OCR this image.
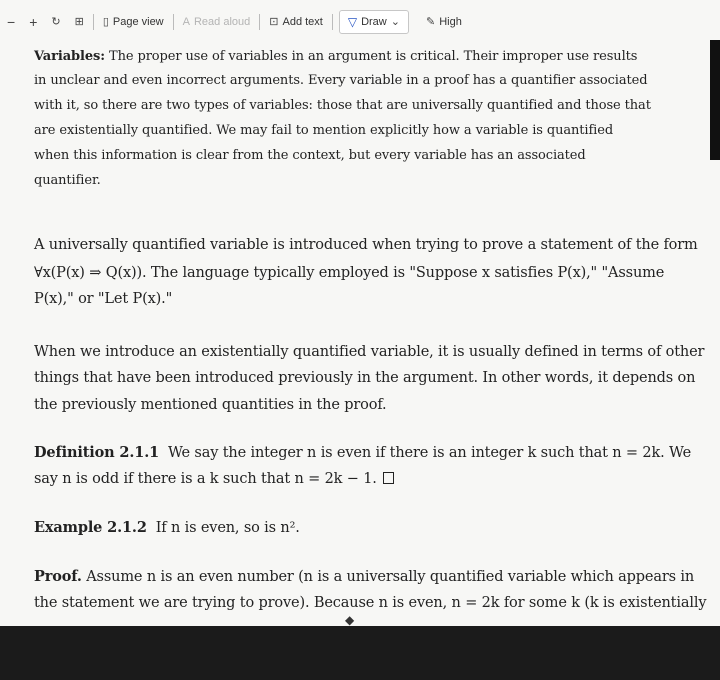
− + ↻ ⊞ ▯ Page view A Read aloud ⊡ Add text ▽ Draw ⌄ ✎ High
Variables: The proper use of variables in an argument is critical. Their improper use results
in unclear and even incorrect arguments. Every variable in a proof has a quantifier associated
with it, so there are two types of variables: those that are universally quantified and those that
are existentially quantified. We may fail to mention explicitly how a variable is quantified
when this information is clear from the context, but every variable has an associated
quantifier.
A universally quantified variable is introduced when trying to prove a statement of the form
∀x(P(x) ⇒ Q(x)). The language typically employed is "Suppose x satisfies P(x)," "Assume
P(x)," or "Let P(x)."
When we introduce an existentially quantified variable, it is usually defined in terms of other
things that have been introduced previously in the argument. In other words, it depends on
the previously mentioned quantities in the proof.
Definition 2.1.1 We say the integer n is even if there is an integer k such that n = 2k. We
say n is odd if there is a k such that n = 2k − 1.
Example 2.1.2 If n is even, so is n².
Proof. Assume n is an even number (n is a universally quantified variable which appears in
the statement we are trying to prove). Because n is even, n = 2k for some k (k is existentially
◆
